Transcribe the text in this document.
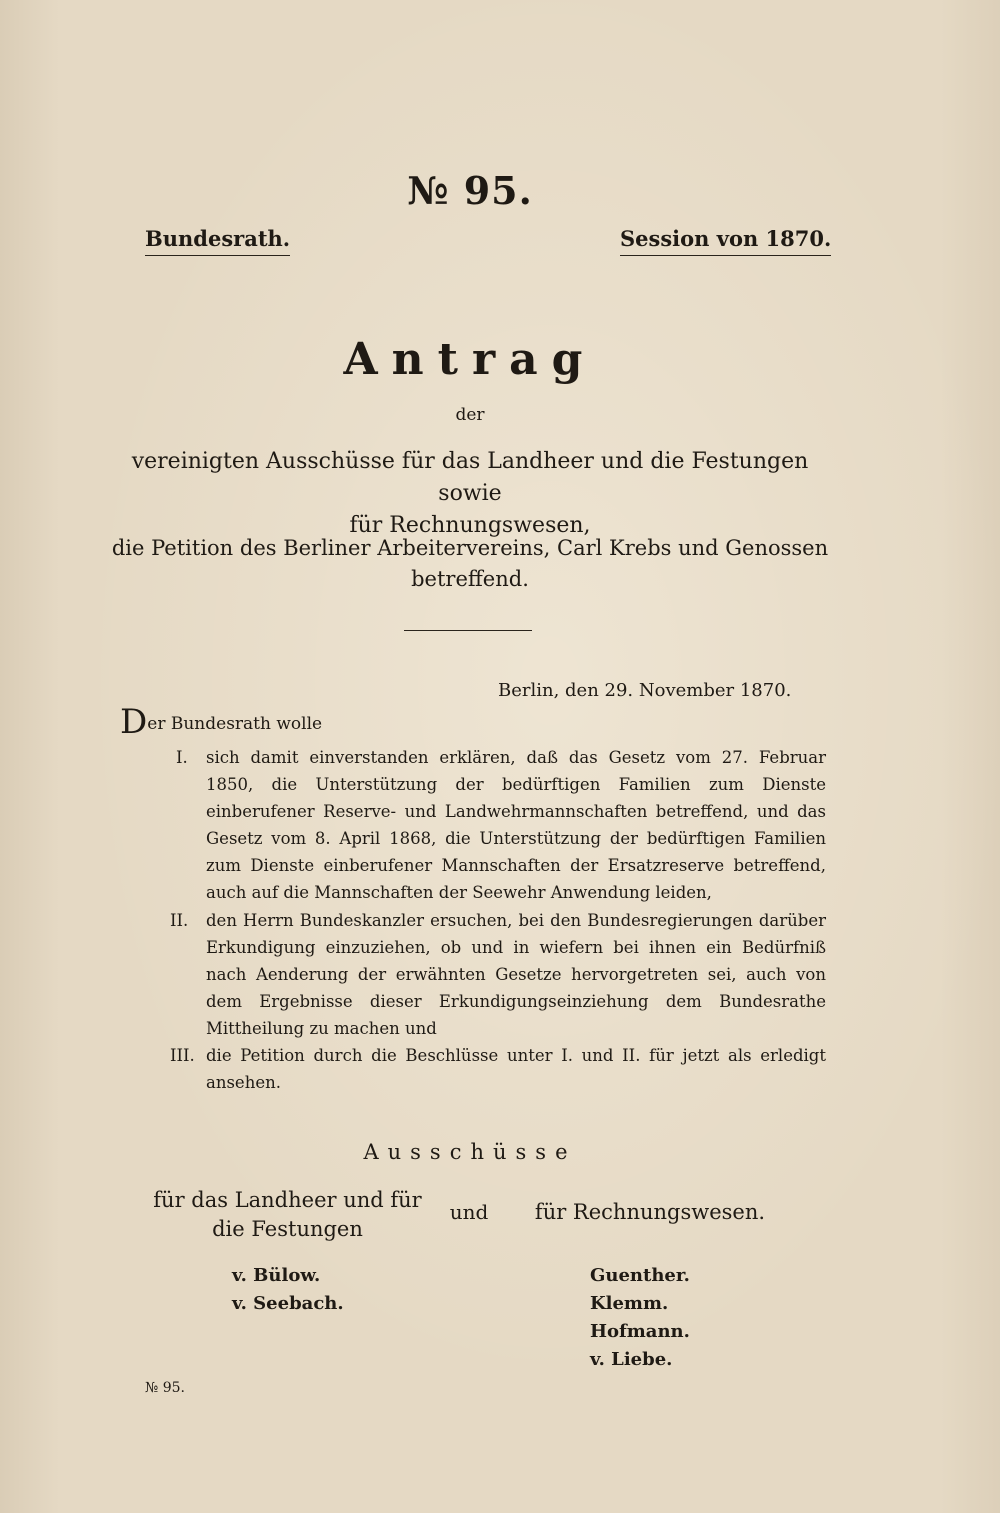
№ 95.
Bundesrath.	Session von 1870.
Antrag
der
vereinigten Ausschüsse für das Landheer und die Festungen sowie
für Rechnungswesen,
die Petition des Berliner Arbeitervereins, Carl Krebs und Genossen
betreffend.
Berlin, den 29. November 1870.
Der Bundesrath wolle
I. sich damit einverstanden erklären, daß das Gesetz vom 27. Februar 1850, die Unterstützung der bedürftigen Familien zum Dienste einberufener Reserve- und Landwehrmannschaften betreffend, und das Gesetz vom 8. April 1868, die Unterstützung der bedürftigen Familien zum Dienste einberufener Mannschaften der Ersatzreserve betreffend, auch auf die Mannschaften der Seewehr Anwendung leiden,
II. den Herrn Bundeskanzler ersuchen, bei den Bundesregierungen darüber Erkundigung einzuziehen, ob und in wiefern bei ihnen ein Bedürfniß nach Aenderung der erwähnten Gesetze hervorgetreten sei, auch von dem Ergebnisse dieser Erkundigungseinziehung dem Bundesrathe Mittheilung zu machen und
III. die Petition durch die Beschlüsse unter I. und II. für jetzt als erledigt ansehen.
Ausschüsse
für das Landheer und für
die Festungen
und	für Rechnungswesen.
v. Bülow.
v. Seebach.
Guenther.
Klemm.
Hofmann.
v. Liebe.
№ 95.
